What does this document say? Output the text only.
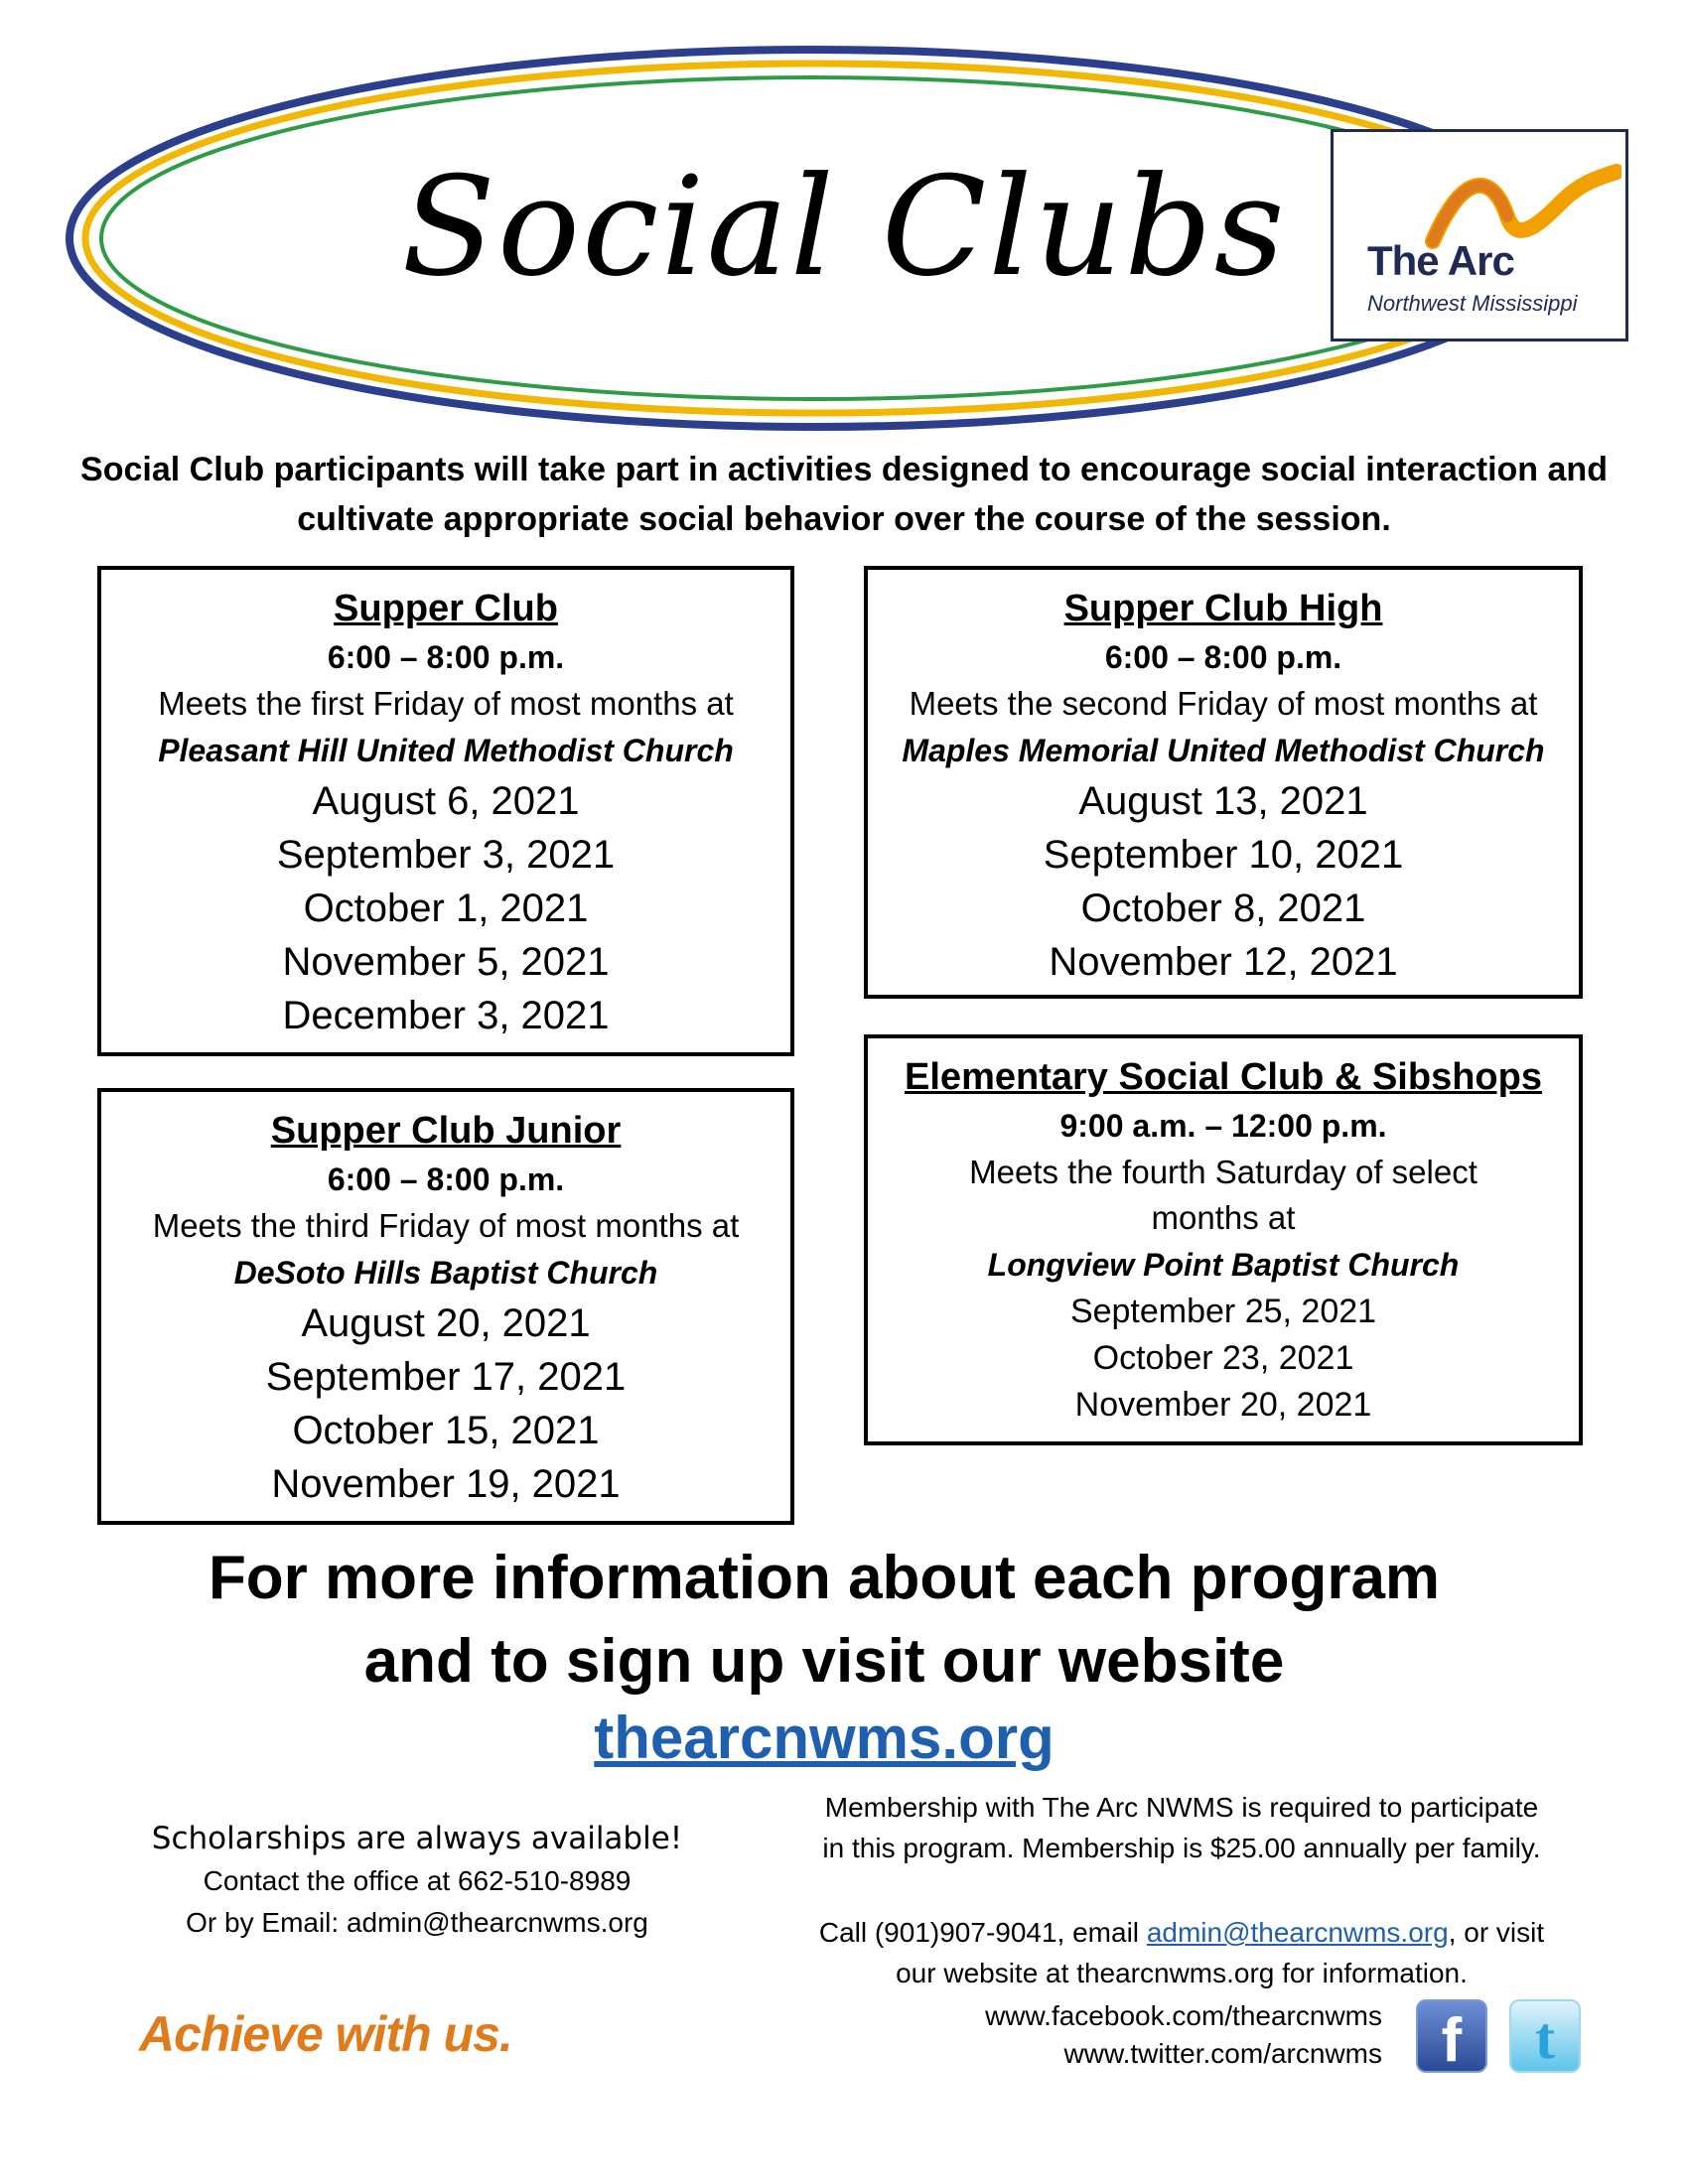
Social Clubs	The Arc
Northwest Mississippi
Social Club participants will take part in activities designed to encourage social interaction and cultivate appropriate social behavior over the course of the session.
Supper Club
6:00 – 8:00 p.m.
Meets the first Friday of most months at
Pleasant Hill United Methodist Church
August 6, 2021
September 3, 2021
October 1, 2021
November 5, 2021
December 3, 2021
Supper Club High
6:00 – 8:00 p.m.
Meets the second Friday of most months at
Maples Memorial United Methodist Church
August 13, 2021
September 10, 2021
October 8, 2021
November 12, 2021
Supper Club Junior
6:00 – 8:00 p.m.
Meets the third Friday of most months at
DeSoto Hills Baptist Church
August 20, 2021
September 17, 2021
October 15, 2021
November 19, 2021
Elementary Social Club & Sibshops
9:00 a.m. – 12:00 p.m.
Meets the fourth Saturday of select months at
Longview Point Baptist Church
September 25, 2021
October 23, 2021
November 20, 2021
For more information about each program
and to sign up visit our website
thearcnwms.org
Scholarships are always available!
Contact the office at 662-510-8989
Or by Email: admin@thearcnwms.org
Membership with The Arc NWMS is required to participate
in this program. Membership is $25.00 annually per family.
Call (901)907-9041, email admin@thearcnwms.org, or visit
our website at thearcnwms.org for information.
www.facebook.com/thearcnwms
www.twitter.com/arcnwms f	t
Achieve with us.
